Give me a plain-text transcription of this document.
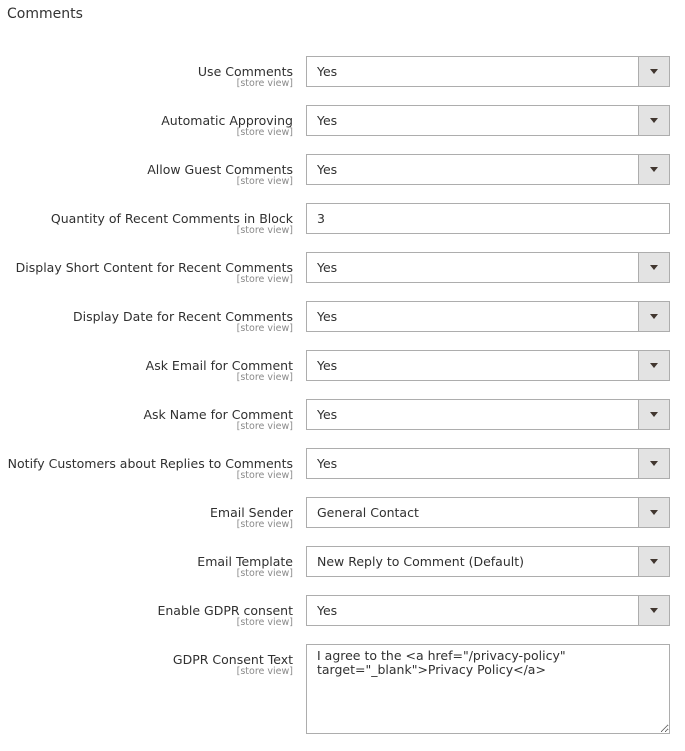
Comments
Use Comments
[store view]
Yes
Automatic Approving
[store view]
Yes
Allow Guest Comments
[store view]
Yes
Quantity of Recent Comments in Block
[store view]
3
Display Short Content for Recent Comments
[store view]
Yes
Display Date for Recent Comments
[store view]
Yes
Ask Email for Comment
[store view]
Yes
Ask Name for Comment
[store view]
Yes
Notify Customers about Replies to Comments
[store view]
Yes
Email Sender
[store view]
General Contact
Email Template
[store view]
New Reply to Comment (Default)
Enable GDPR consent
[store view]
Yes
GDPR Consent Text
[store view]
I agree to the <a href="/privacy-policy" target="_blank">Privacy Policy</a>
